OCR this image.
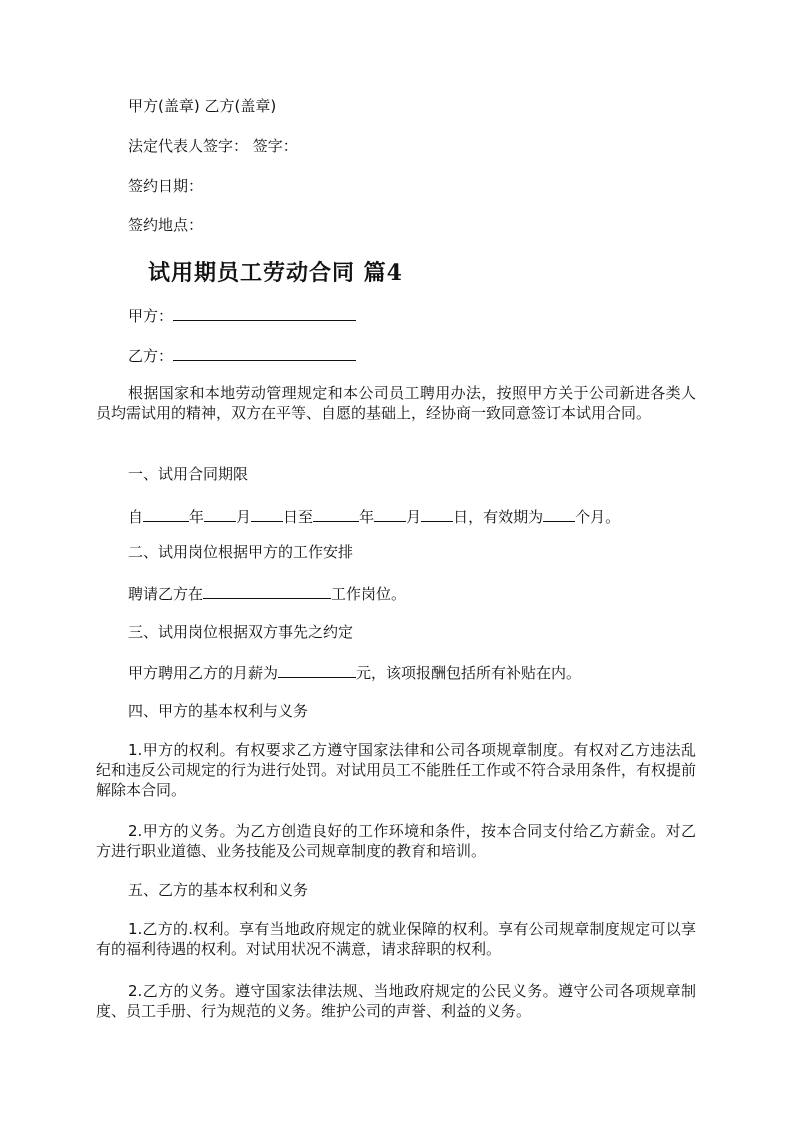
甲方(盖章) 乙方(盖章)
法定代表人签字： 签字：
签约日期：
签约地点：
试用期员工劳动合同 篇4
甲方：
乙方：
根据国家和本地劳动管理规定和本公司员工聘用办法，按照甲方关于公司新进各类人员均需试用的精神，双方在平等、自愿的基础上，经协商一致同意签订本试用合同。
一、试用合同期限
自	年 月 日至	年 月 日，有效期为 个月。
二、试用岗位根据甲方的工作安排
聘请乙方在	工作岗位。
三、试用岗位根据双方事先之约定
甲方聘用乙方的月薪为	元，该项报酬包括所有补贴在内。
四、甲方的基本权利与义务
1.甲方的权利。有权要求乙方遵守国家法律和公司各项规章制度。有权对乙方违法乱纪和违反公司规定的行为进行处罚。对试用员工不能胜任工作或不符合录用条件，有权提前解除本合同。
2.甲方的义务。为乙方创造良好的工作环境和条件，按本合同支付给乙方薪金。对乙方进行职业道德、业务技能及公司规章制度的教育和培训。
五、乙方的基本权利和义务
1.乙方的.权利。享有当地政府规定的就业保障的权利。享有公司规章制度规定可以享有的福利待遇的权利。对试用状况不满意，请求辞职的权利。
2.乙方的义务。遵守国家法律法规、当地政府规定的公民义务。遵守公司各项规章制度、员工手册、行为规范的义务。维护公司的声誉、利益的义务。
